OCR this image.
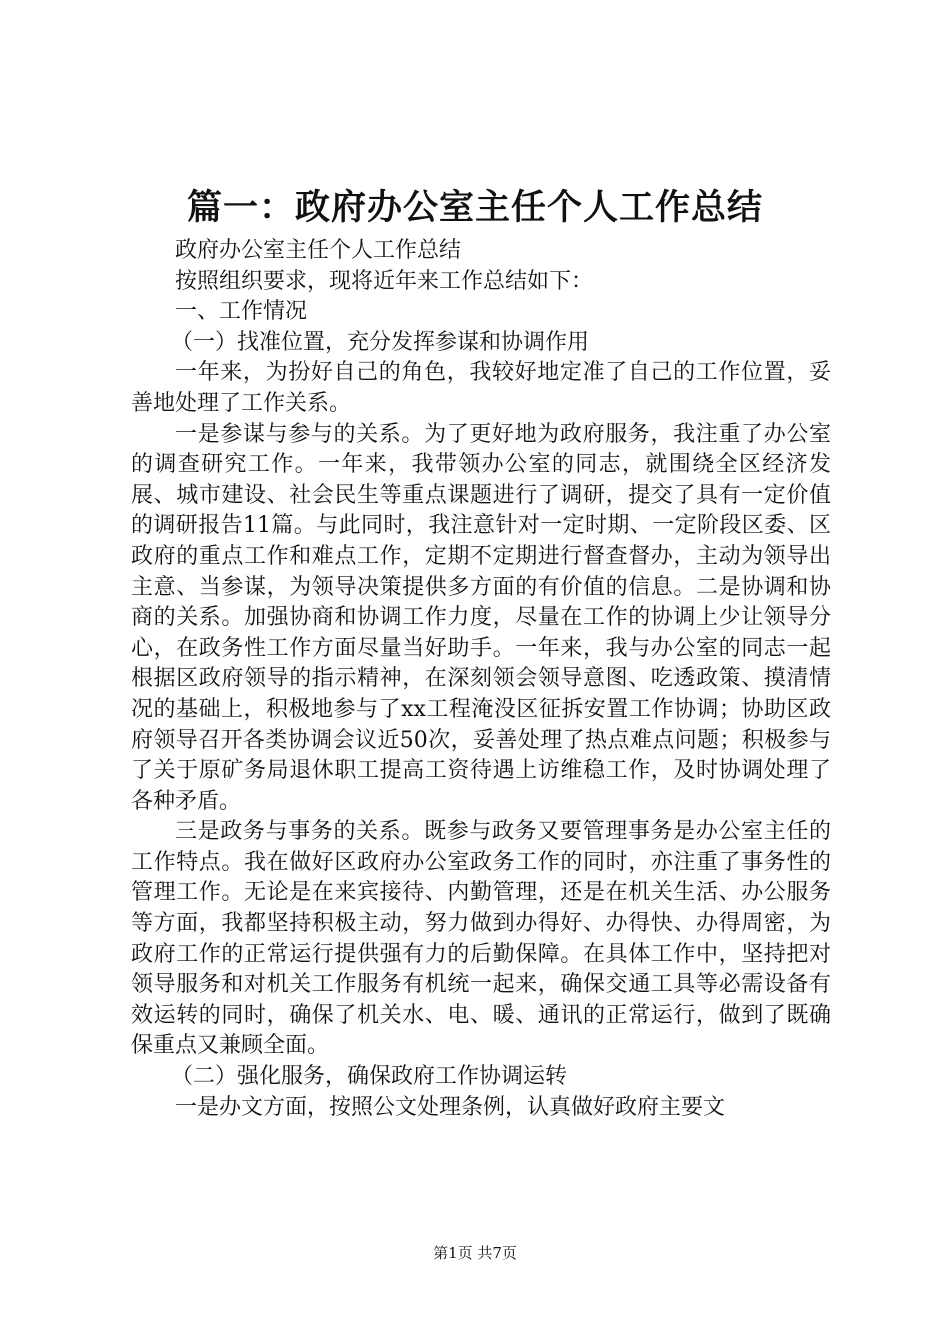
篇一：政府办公室主任个人工作总结

政府办公室主任个人工作总结

按照组织要求，现将近年来工作总结如下：

一、工作情况

（一）找准位置，充分发挥参谋和协调作用

一年来，为扮好自己的角色，我较好地定准了自己的工作位置，妥善地处理了工作关系。

一是参谋与参与的关系。为了更好地为政府服务，我注重了办公室的调查研究工作。一年来，我带领办公室的同志，就围绕全区经济发展、城市建设、社会民生等重点课题进行了调研，提交了具有一定价值的调研报告11篇。与此同时，我注意针对一定时期、一定阶段区委、区政府的重点工作和难点工作，定期不定期进行督查督办，主动为领导出主意、当参谋，为领导决策提供多方面的有价值的信息。二是协调和协商的关系。加强协商和协调工作力度，尽量在工作的协调上少让领导分心，在政务性工作方面尽量当好助手。一年来，我与办公室的同志一起根据区政府领导的指示精神，在深刻领会领导意图、吃透政策、摸清情况的基础上，积极地参与了xx工程淹没区征拆安置工作协调；协助区政府领导召开各类协调会议近50次，妥善处理了热点难点问题；积极参与了关于原矿务局退休职工提高工资待遇上访维稳工作，及时协调处理了各种矛盾。

三是政务与事务的关系。既参与政务又要管理事务是办公室主任的工作特点。我在做好区政府办公室政务工作的同时，亦注重了事务性的管理工作。无论是在来宾接待、内勤管理，还是在机关生活、办公服务等方面，我都坚持积极主动，努力做到办得好、办得快、办得周密，为政府工作的正常运行提供强有力的后勤保障。在具体工作中，坚持把对领导服务和对机关工作服务有机统一起来，确保交通工具等必需设备有效运转的同时，确保了机关水、电、暖、通讯的正常运行，做到了既确保重点又兼顾全面。

（二）强化服务，确保政府工作协调运转

一是办文方面，按照公文处理条例，认真做好政府主要文

第1页 共7页
